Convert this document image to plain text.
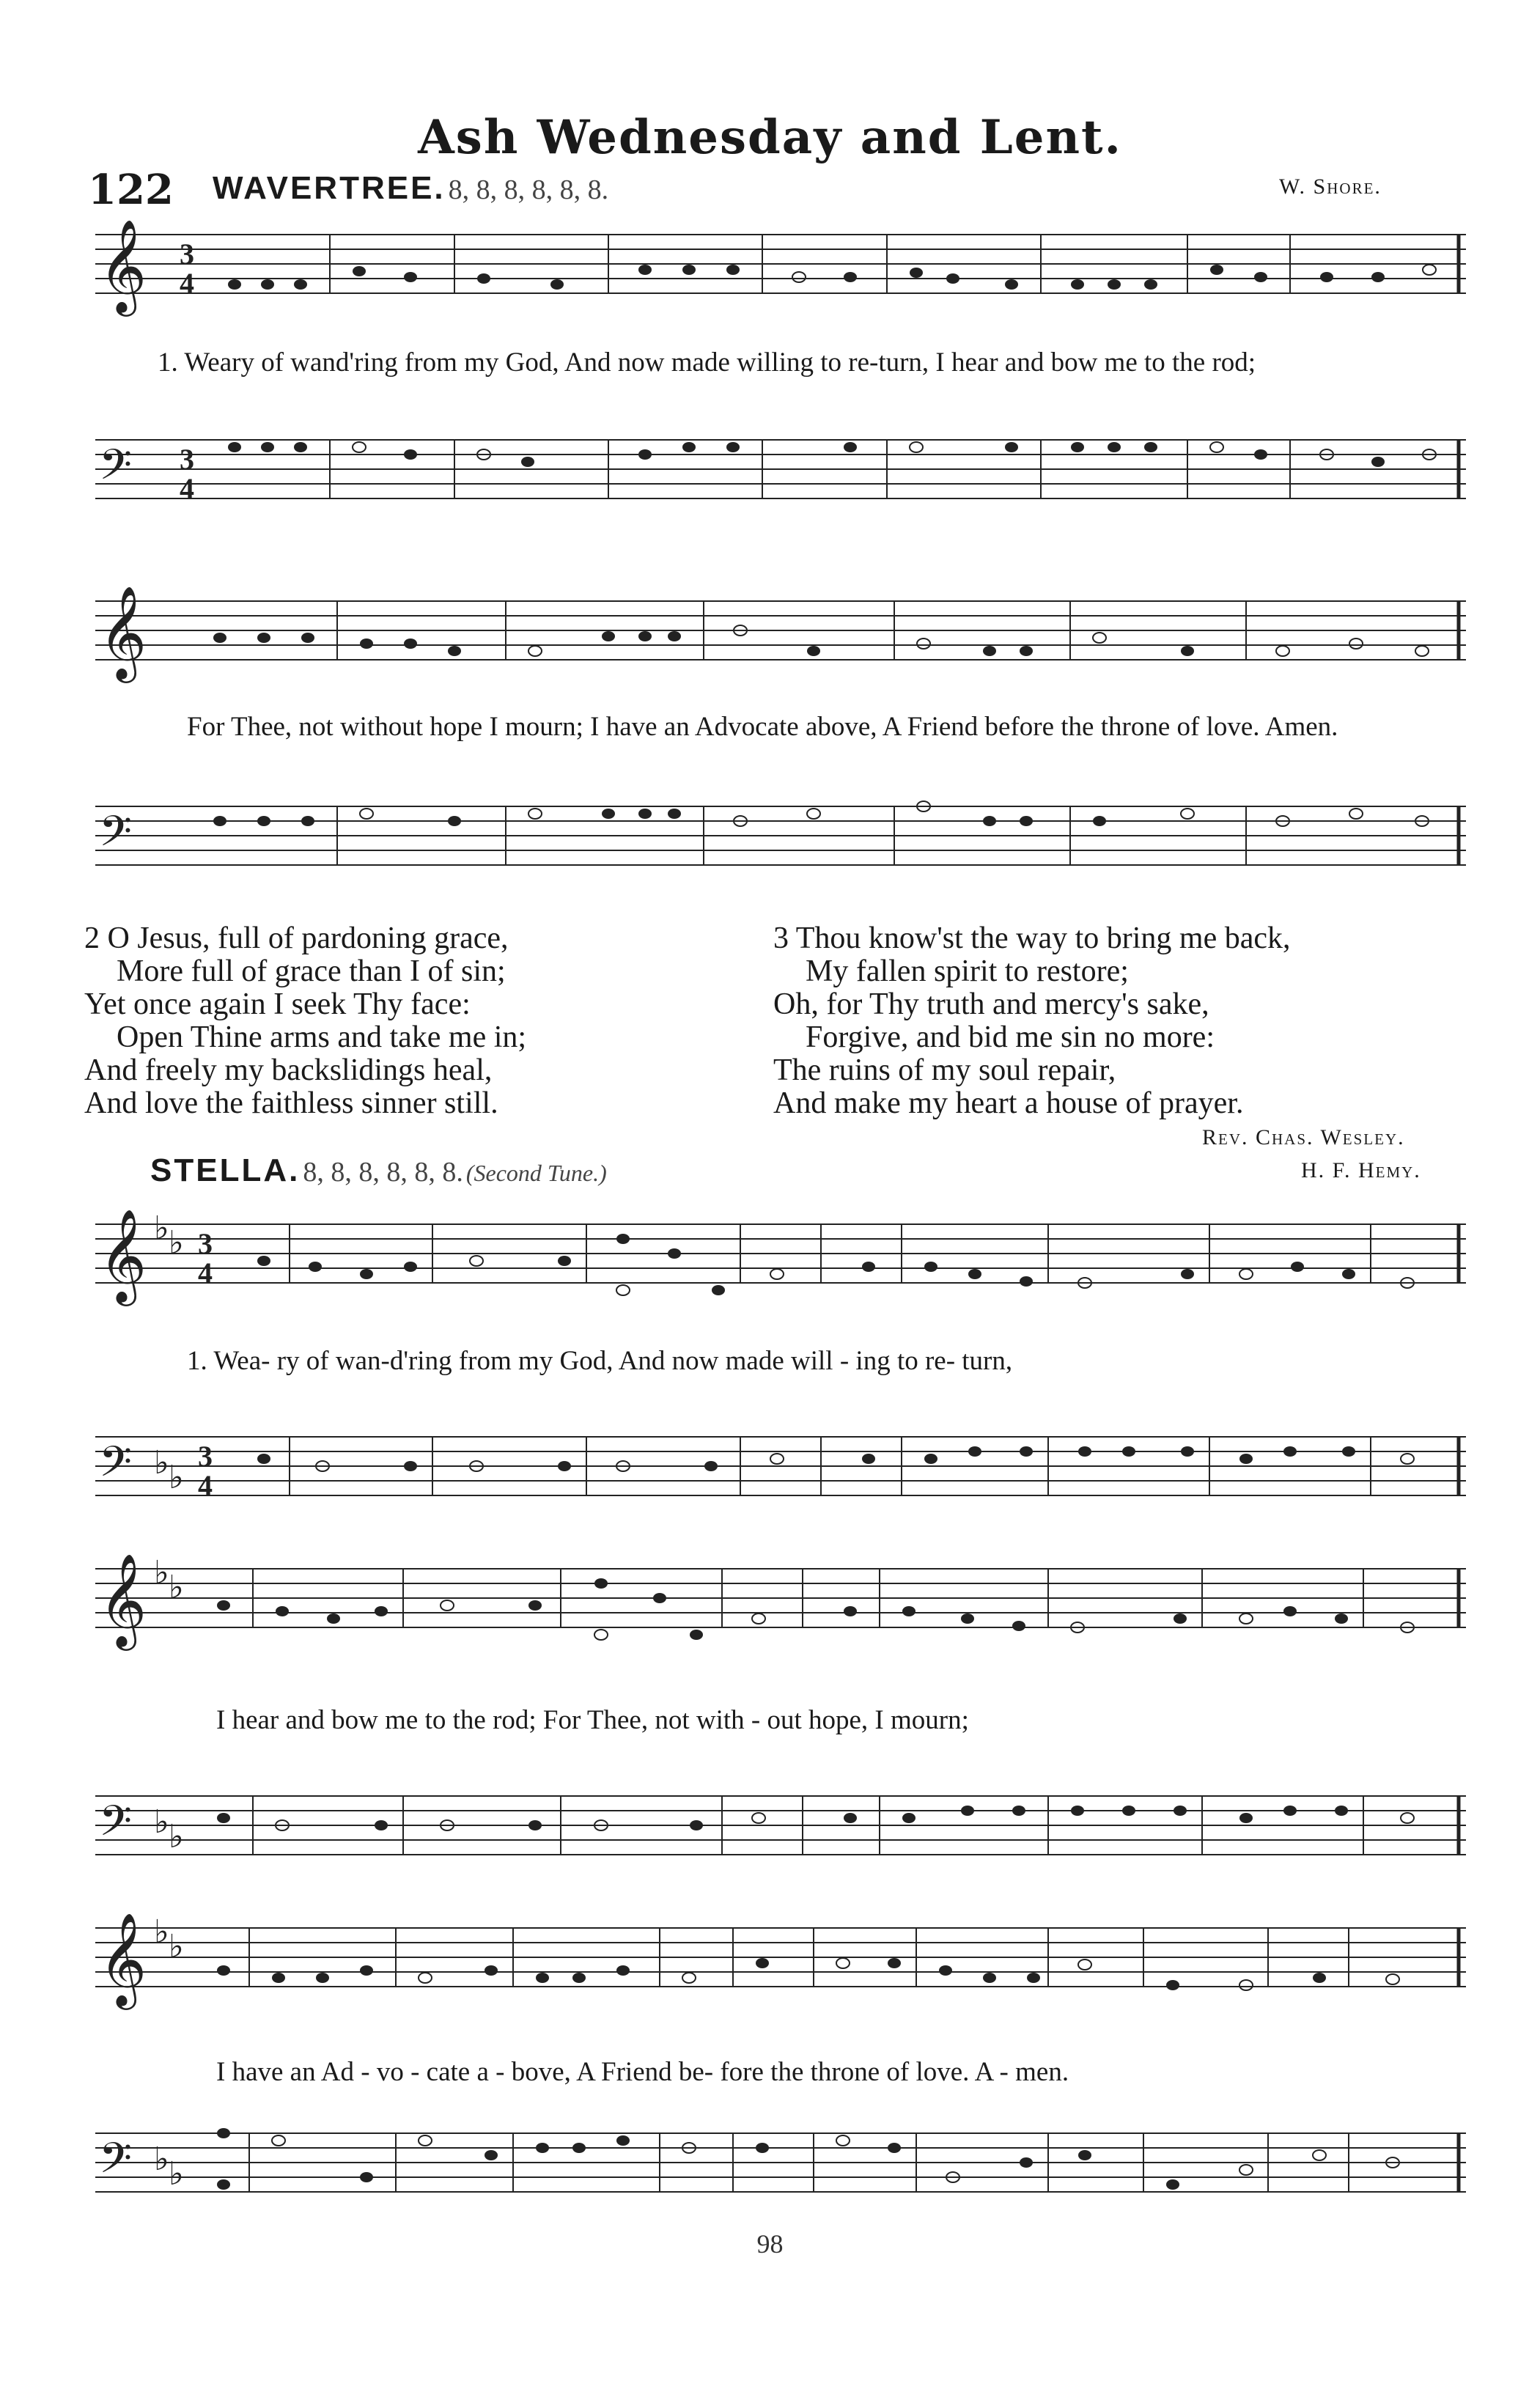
Ash Wednesday and Lent.
122 WAVERTREE. 8, 8, 8, 8, 8, 8.	W. Shore.
𝄞 3
4
1. Weary of wand'ring from my God, And now made willing to re-turn, I hear and bow me to the rod;
𝄢 3
4
𝄞
For Thee, not without hope I mourn; I have an Advocate above, A Friend before the throne of love. Amen.
𝄢
2 O Jesus, full of pardoning grace,
More full of grace than I of sin;
Yet once again I seek Thy face:
Open Thine arms and take me in;
And freely my backslidings heal,
And love the faithless sinner still.
3 Thou know'st the way to bring me back,
My fallen spirit to restore;
Oh, for Thy truth and mercy's sake,
Forgive, and bid me sin no more:
The ruins of my soul repair,
And make my heart a house of prayer.
Rev. Chas. Wesley.
STELLA. 8, 8, 8, 8, 8, 8. (Second Tune.)	H. F. Hemy.
𝄞 ♭ ♭ 3
4
1. Wea- ry of wan-d'ring from my God, And now made will - ing to re- turn,
𝄢 ♭ ♭
3
4
𝄞 ♭ ♭
I hear and bow me to the rod; For Thee, not with - out hope, I mourn;
𝄢 ♭ ♭
𝄞 ♭ ♭
I have an Ad - vo - cate a - bove, A Friend be- fore the throne of love. A - men.
𝄢 ♭ ♭
98
